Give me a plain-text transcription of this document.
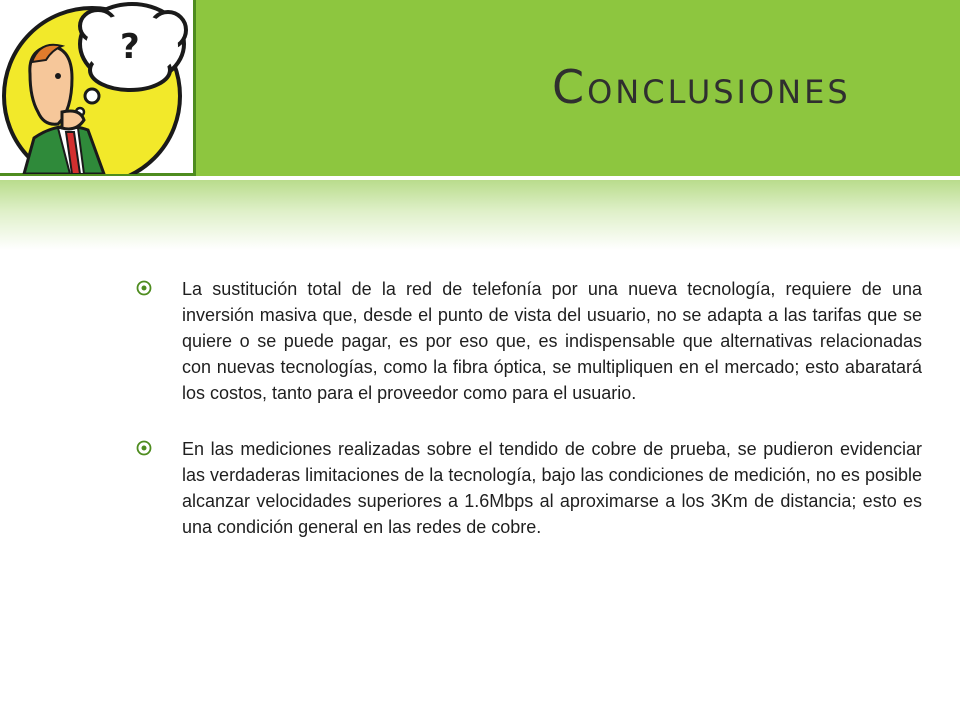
?
Conclusiones
La sustitución total de la red de telefonía por una nueva tecnología, requiere de una inversión masiva que, desde el punto de vista del usuario, no se adapta a las tarifas que se quiere o se puede pagar, es por eso que, es indispensable que alternativas relacionadas con nuevas tecnologías, como la fibra óptica, se multipliquen en el mercado; esto abaratará los costos, tanto para el proveedor como para el usuario.
En las mediciones realizadas sobre el tendido de cobre de prueba, se pudieron evidenciar las verdaderas limitaciones de la tecnología, bajo las condiciones de medición, no es posible alcanzar velocidades superiores a 1.6Mbps al aproximarse a los 3Km de distancia; esto es una condición general en las redes de cobre.
